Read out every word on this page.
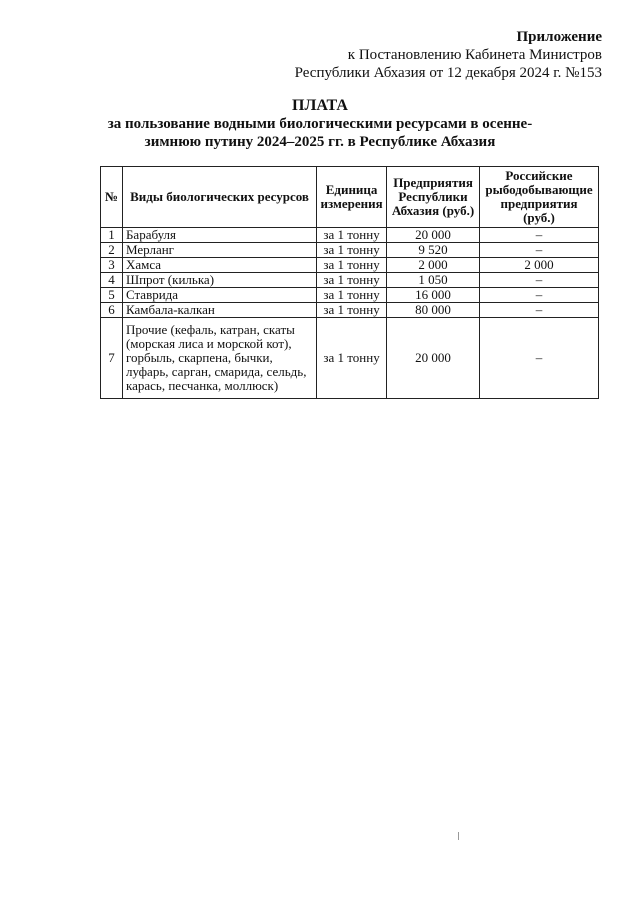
Приложение
к Постановлению Кабинета Министров
Республики Абхазия от 12 декабря 2024 г. №153
ПЛАТА
за пользование водными биологическими ресурсами в осенне-
зимнюю путину 2024–2025 гг. в Республике Абхазия
№	Виды биологических ресурсов	Единица измерения	Предприятия Республики Абхазия (руб.)	Российские рыбодобывающие предприятия (руб.)
1	Барабуля	за 1 тонну	20 000	–
2	Мерланг	за 1 тонну	9 520	–
3	Хамса	за 1 тонну	2 000	2 000
4	Шпрот (килька)	за 1 тонну	1 050	–
5	Ставрида	за 1 тонну	16 000	–
6	Камбала-калкан	за 1 тонну	80 000	–
7	Прочие (кефаль, катран, скаты (морская лиса и морской кот), горбыль, скарпена, бычки, луфарь, сарган, смарида, сельдь, карась, песчанка, моллюск)	за 1 тонну	20 000	–
